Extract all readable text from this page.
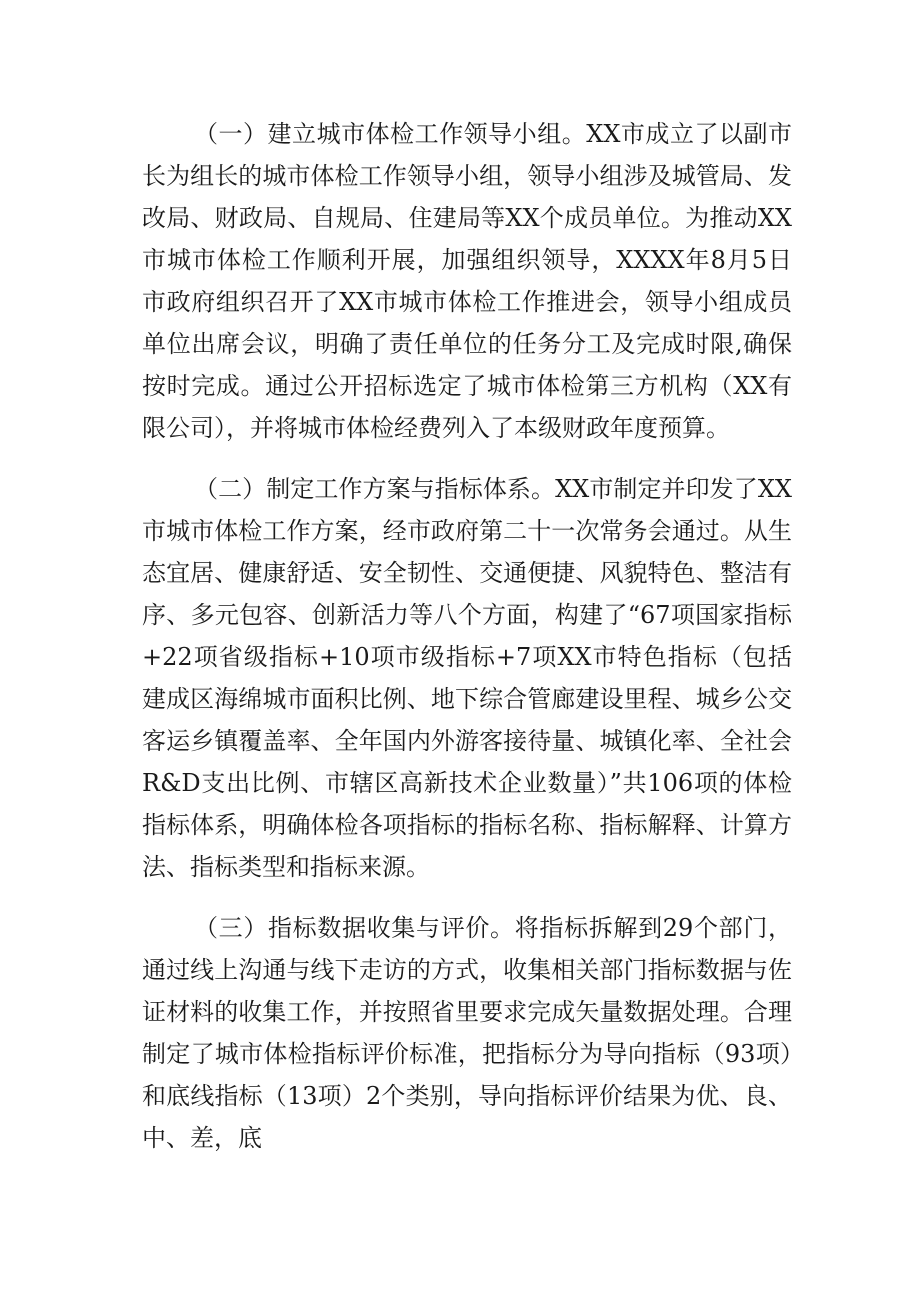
（一）建立城市体检工作领导小组。XX市成立了以副市长为组长的城市体检工作领导小组，领导小组涉及城管局、发改局、财政局、自规局、住建局等XX个成员单位。为推动XX市城市体检工作顺利开展，加强组织领导，XXXX年8月5日市政府组织召开了XX市城市体检工作推进会，领导小组成员单位出席会议，明确了责任单位的任务分工及完成时限,确保按时完成。通过公开招标选定了城市体检第三方机构（XX有限公司），并将城市体检经费列入了本级财政年度预算。

（二）制定工作方案与指标体系。XX市制定并印发了XX市城市体检工作方案，经市政府第二十一次常务会通过。从生态宜居、健康舒适、安全韧性、交通便捷、风貌特色、整洁有序、多元包容、创新活力等八个方面，构建了“67项国家指标+22项省级指标+10项市级指标+7项XX市特色指标（包括建成区海绵城市面积比例、地下综合管廊建设里程、城乡公交客运乡镇覆盖率、全年国内外游客接待量、城镇化率、全社会R&D支出比例、市辖区高新技术企业数量）”共106项的体检指标体系，明确体检各项指标的指标名称、指标解释、计算方法、指标类型和指标来源。

（三）指标数据收集与评价。将指标拆解到29个部门，通过线上沟通与线下走访的方式，收集相关部门指标数据与佐证材料的收集工作，并按照省里要求完成矢量数据处理。合理制定了城市体检指标评价标准，把指标分为导向指标（93项）和底线指标（13项）2个类别，导向指标评价结果为优、良、中、差，底
